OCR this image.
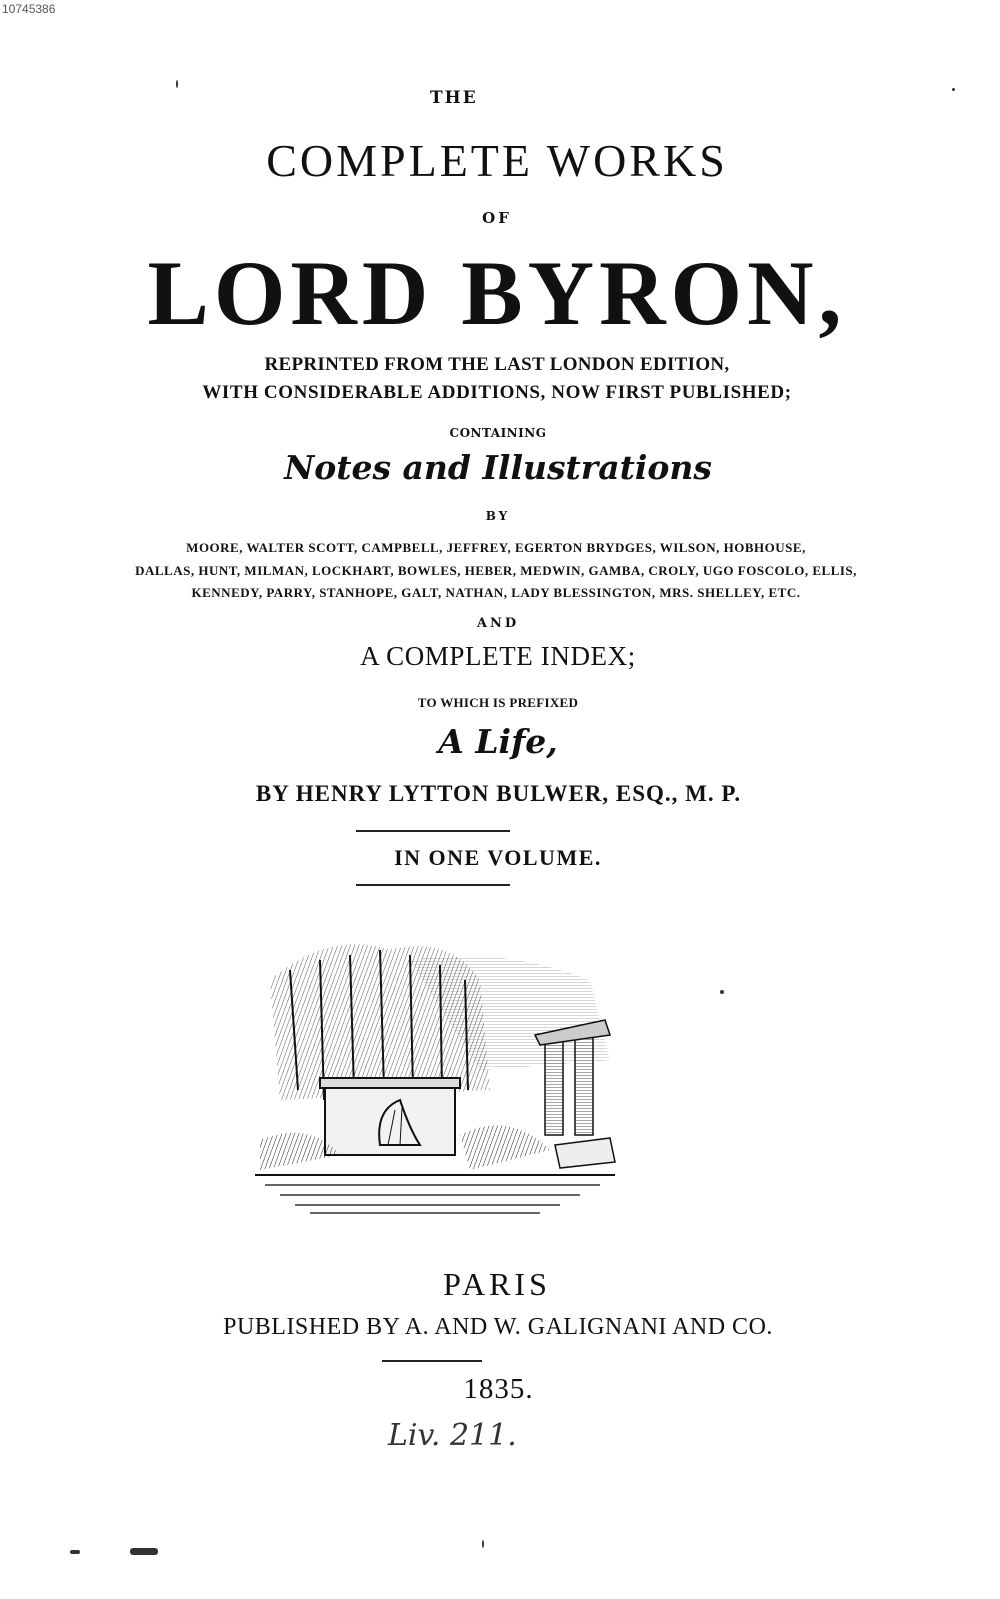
10745386
THE
COMPLETE WORKS
OF
LORD BYRON,
REPRINTED FROM THE LAST LONDON EDITION,
WITH CONSIDERABLE ADDITIONS, NOW FIRST PUBLISHED;
CONTAINING
Notes and Illustrations
BY
MOORE, WALTER SCOTT, CAMPBELL, JEFFREY, EGERTON BRYDGES, WILSON, HOBHOUSE,
DALLAS, HUNT, MILMAN, LOCKHART, BOWLES, HEBER, MEDWIN, GAMBA, CROLY, UGO FOSCOLO, ELLIS,
KENNEDY, PARRY, STANHOPE, GALT, NATHAN, LADY BLESSINGTON, MRS. SHELLEY, ETC.
AND
A COMPLETE INDEX;
TO WHICH IS PREFIXED
A Life,
BY HENRY LYTTON BULWER, ESQ., M. P.
IN ONE VOLUME.
PARIS
PUBLISHED BY A. AND W. GALIGNANI AND CO.
1835.
Liv. 211.
